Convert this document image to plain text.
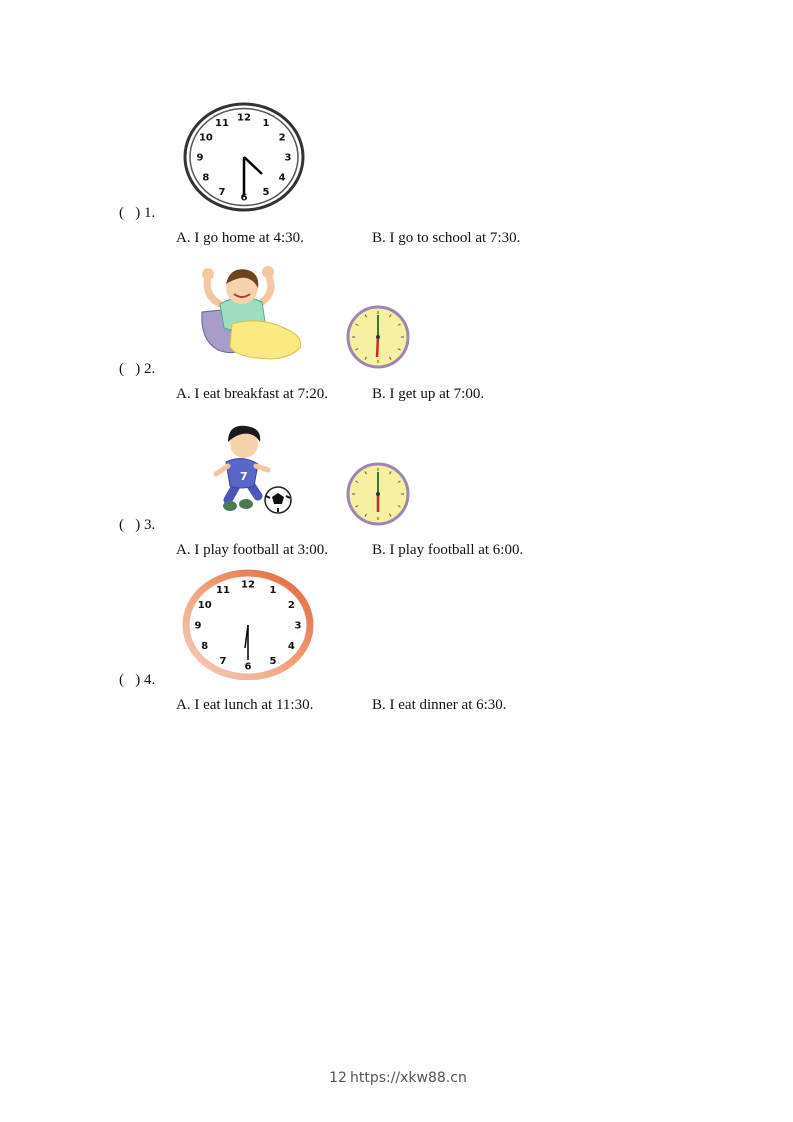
12 1
2
3
4
5
6
7
8
9
10
11
(   ) 1.
A. I go home at 4:30.	B. I go to school at 7:30.
(   ) 2.
A. I eat breakfast at 7:20.	B. I get up at 7:00.
7
(   ) 3.
A. I play football at 3:00.	B. I play football at 6:00.
12 1
2
3
4
5
6
7
8
9
10
11
(   ) 4.
A. I eat lunch at 11:30.	B. I eat dinner at 6:30.
12 https://xkw88.cn
